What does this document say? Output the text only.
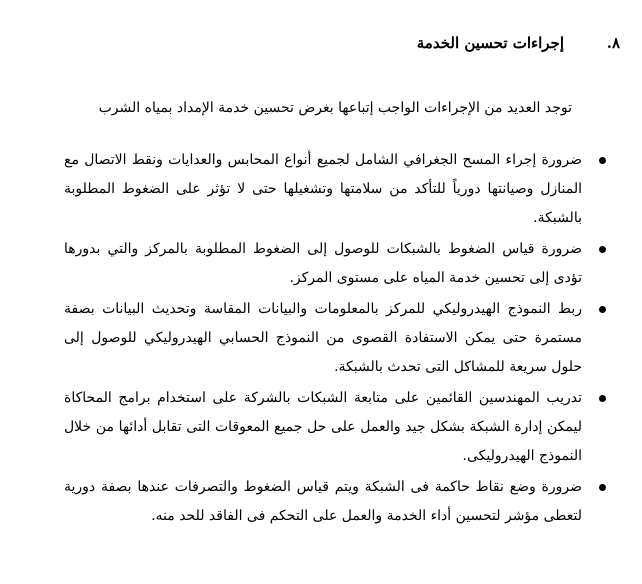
٨.
إجراءات تحسين الخدمة
توجد العديد من الإجراءات الواجب إتباعها بغرض تحسين خدمة الإمداد بمياه الشرب
ضرورة إجراء المسح الجغرافي الشامل لجميع أنواع المحابس والعدايات ونقط الاتصال مع المنازل وصيانتها دورياً للتأكد من سلامتها وتشغيلها حتى لا تؤثر على الضغوط المطلوبة بالشبكة.
ضرورة قياس الضغوط بالشبكات للوصول إلى الضغوط المطلوبة بالمركز والتي بدورها تؤدى إلى تحسين خدمة المياه على مستوى المركز.
ربط النموذج الهيدروليكي للمركز بالمعلومات والبيانات المقاسة وتحديث البيانات بصفة مستمرة حتى يمكن الاستفادة القصوى من النموذج الحسابي الهيدروليكي للوصول إلى حلول سريعة للمشاكل التى تحدث بالشبكة.
تدريب المهندسين القائمين على متابعة الشبكات بالشركة على استخدام برامج المحاكاة ليمكن إدارة الشبكة بشكل جيد والعمل على حل جميع المعوقات التى تقابل أدائها من خلال النموذج الهيدروليكى.
ضرورة وضع نقاط حاكمة فى الشبكة ويتم قياس الضغوط والتصرفات عندها بصفة دورية لتعطى مؤشر لتحسين أداء الخدمة والعمل على التحكم فى الفاقد للحد منه.
